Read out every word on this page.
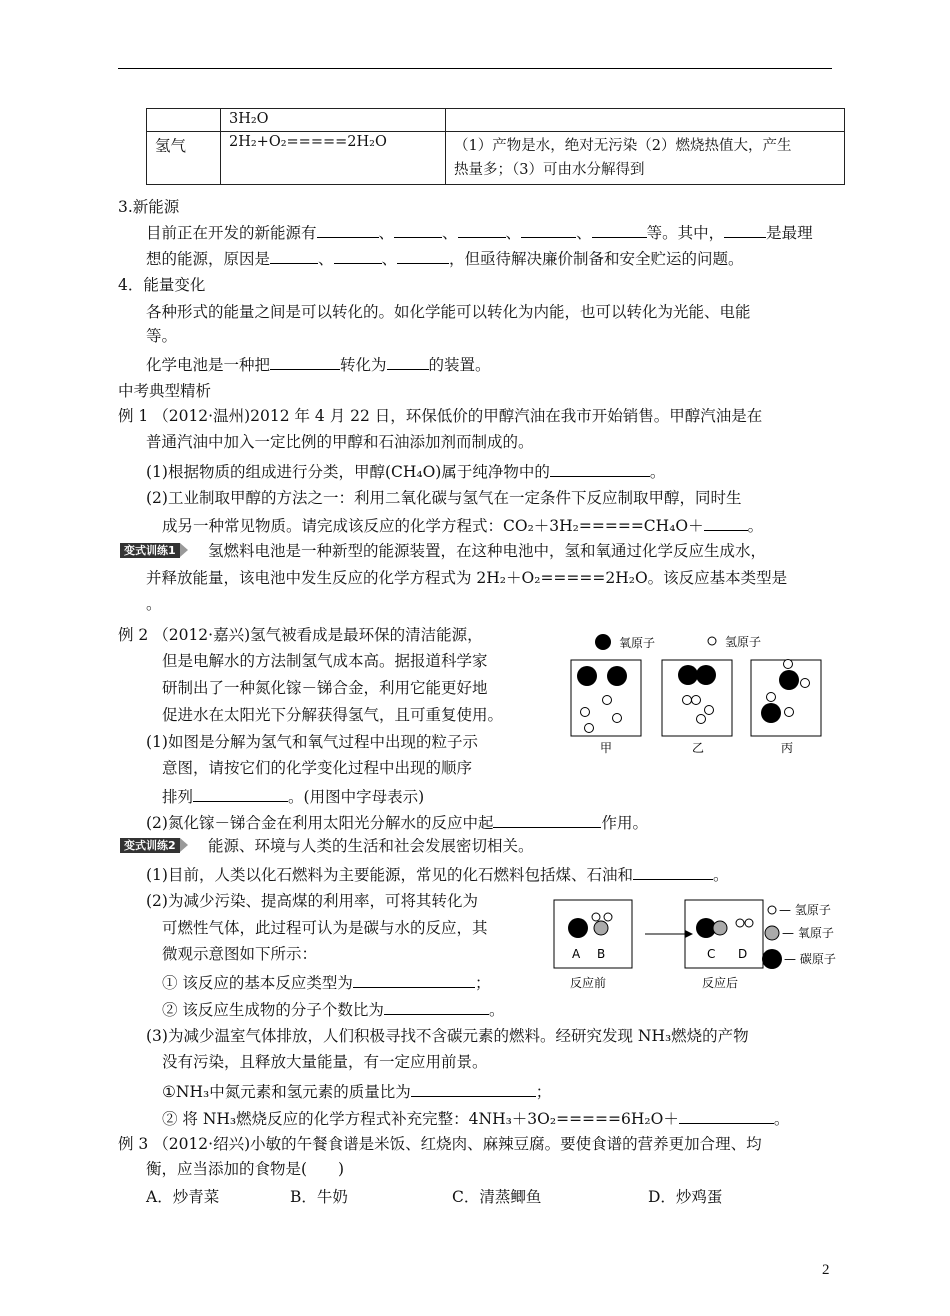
	3H₂O	
氢气	2H₂+O₂=====2H₂O	（1）产物是水，绝对无污染（2）燃烧热值大，产生
热量多；（3）可由水分解得到
3.新能源
目前正在开发的新能源有	、	、	、	、	等。其中，	是最理
想的能源，原因是	、	、	，但亟待解决廉价制备和安全贮运的问题。
4．能量变化
各种形式的能量之间是可以转化的。如化学能可以转化为内能，也可以转化为光能、电能
等。
化学电池是一种把	转化为	的装置。
中考典型精析
例 1 （2012·温州)2012 年 4 月 22 日，环保低价的甲醇汽油在我市开始销售。甲醇汽油是在
普通汽油中加入一定比例的甲醇和石油添加剂而制成的。
(1)根据物质的组成进行分类，甲醇(CH₄O)属于纯净物中的	。
(2)工业制取甲醇的方法之一：利用二氧化碳与氢气在一定条件下反应制取甲醇，同时生
成另一种常见物质。请完成该反应的化学方程式：CO₂＋3H₂=====CH₄O＋	。
变式训练1 氢燃料电池是一种新型的能源装置，在这种电池中，氢和氧通过化学反应生成水，
并释放能量，该电池中发生反应的化学方程式为 2H₂＋O₂=====2H₂O。该反应基本类型是
。
例 2 （2012·嘉兴)氢气被看成是最环保的清洁能源，
但是电解水的方法制氢气成本高。据报道科学家
研制出了一种氮化镓－锑合金，利用它能更好地
促进水在太阳光下分解获得氢气，且可重复使用。
(1)如图是分解为氢气和氧气过程中出现的粒子示
意图，请按它们的化学变化过程中出现的顺序
排列	。(用图中字母表示)
(2)氮化镓－锑合金在利用太阳光分解水的反应中起	作用。
氧原子	氢原子
甲	乙	丙
变式训练2 能源、环境与人类的生活和社会发展密切相关。
(1)目前，人类以化石燃料为主要能源，常见的化石燃料包括煤、石油和	。
(2)为减少污染、提高煤的利用率，可将其转化为
可燃性气体，此过程可认为是碳与水的反应，其
微观示意图如下所示：
① 该反应的基本反应类型为	；
② 该反应生成物的分子个数比为	。
(3)为减少温室气体排放，人们积极寻找不含碳元素的燃料。经研究发现 NH₃燃烧的产物
没有污染，且释放大量能量，有一定应用前景。
①NH₃中氮元素和氢元素的质量比为	；
② 将 NH₃燃烧反应的化学方程式补充完整：4NH₃＋3O₂=====6H₂O＋	。
A B	C D
反应前	反应后
— 氢原子
— 氧原子
— 碳原子
例 3 （2012·绍兴)小敏的午餐食谱是米饭、红烧肉、麻辣豆腐。要使食谱的营养更加合理、均
衡，应当添加的食物是(　　)
A．炒青菜	B．牛奶	C．清蒸鲫鱼	D．炒鸡蛋
2
